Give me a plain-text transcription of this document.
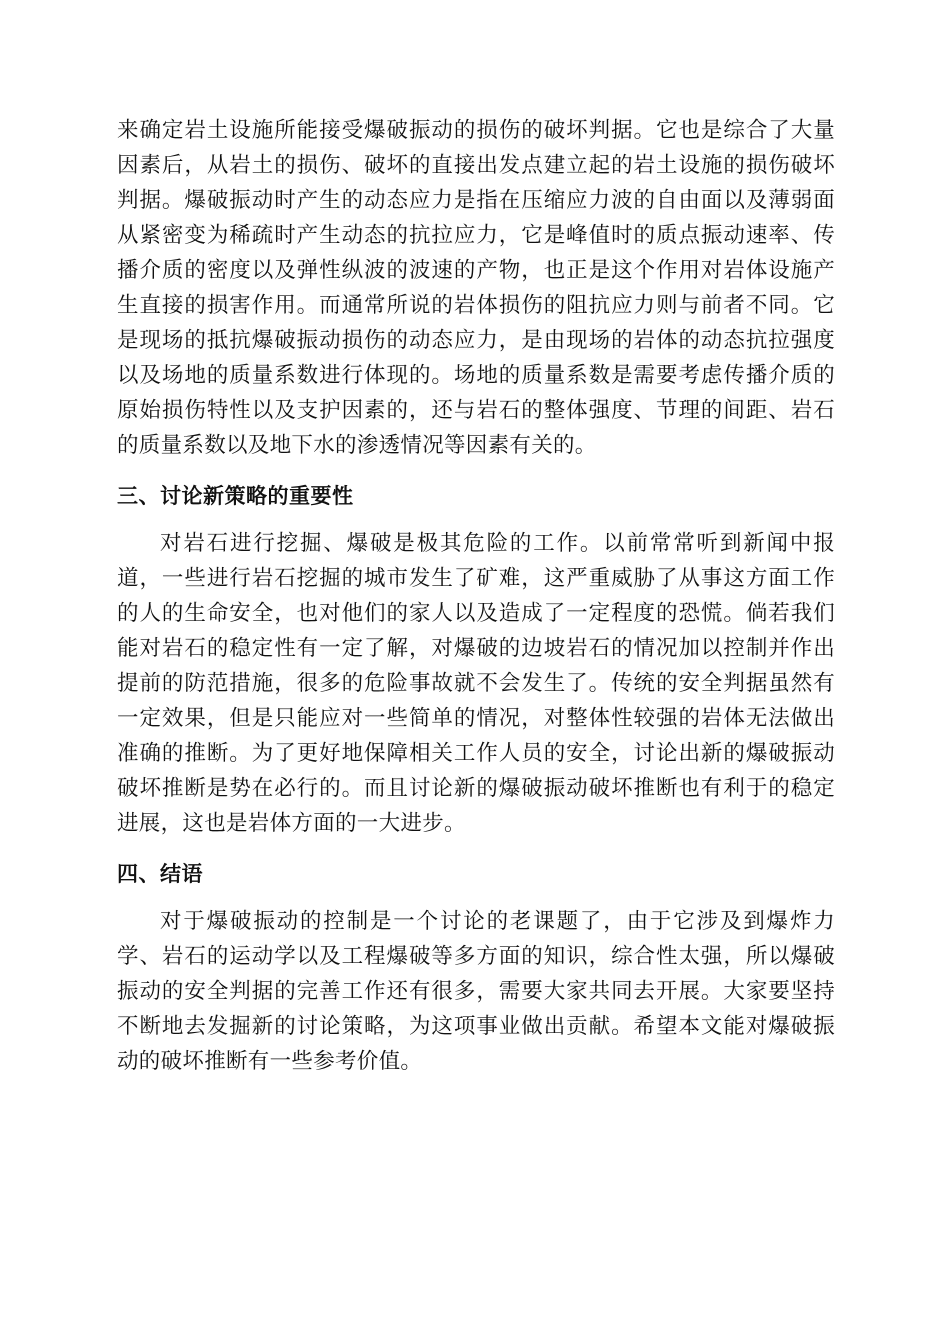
来确定岩土设施所能接受爆破振动的损伤的破坏判据。它也是综合了大量因素后，从岩土的损伤、破坏的直接出发点建立起的岩土设施的损伤破坏判据。爆破振动时产生的动态应力是指在压缩应力波的自由面以及薄弱面从紧密变为稀疏时产生动态的抗拉应力，它是峰值时的质点振动速率、传播介质的密度以及弹性纵波的波速的产物，也正是这个作用对岩体设施产生直接的损害作用。而通常所说的岩体损伤的阻抗应力则与前者不同。它是现场的抵抗爆破振动损伤的动态应力，是由现场的岩体的动态抗拉强度以及场地的质量系数进行体现的。场地的质量系数是需要考虑传播介质的原始损伤特性以及支护因素的，还与岩石的整体强度、节理的间距、岩石的质量系数以及地下水的渗透情况等因素有关的。

三、讨论新策略的重要性

对岩石进行挖掘、爆破是极其危险的工作。以前常常听到新闻中报道，一些进行岩石挖掘的城市发生了矿难，这严重威胁了从事这方面工作的人的生命安全，也对他们的家人以及造成了一定程度的恐慌。倘若我们能对岩石的稳定性有一定了解，对爆破的边坡岩石的情况加以控制并作出提前的防范措施，很多的危险事故就不会发生了。传统的安全判据虽然有一定效果，但是只能应对一些简单的情况，对整体性较强的岩体无法做出准确的推断。为了更好地保障相关工作人员的安全，讨论出新的爆破振动破坏推断是势在必行的。而且讨论新的爆破振动破坏推断也有利于的稳定进展，这也是岩体方面的一大进步。

四、结语

对于爆破振动的控制是一个讨论的老课题了，由于它涉及到爆炸力学、岩石的运动学以及工程爆破等多方面的知识，综合性太强，所以爆破振动的安全判据的完善工作还有很多，需要大家共同去开展。大家要坚持不断地去发掘新的讨论策略，为这项事业做出贡献。希望本文能对爆破振动的破坏推断有一些参考价值。
